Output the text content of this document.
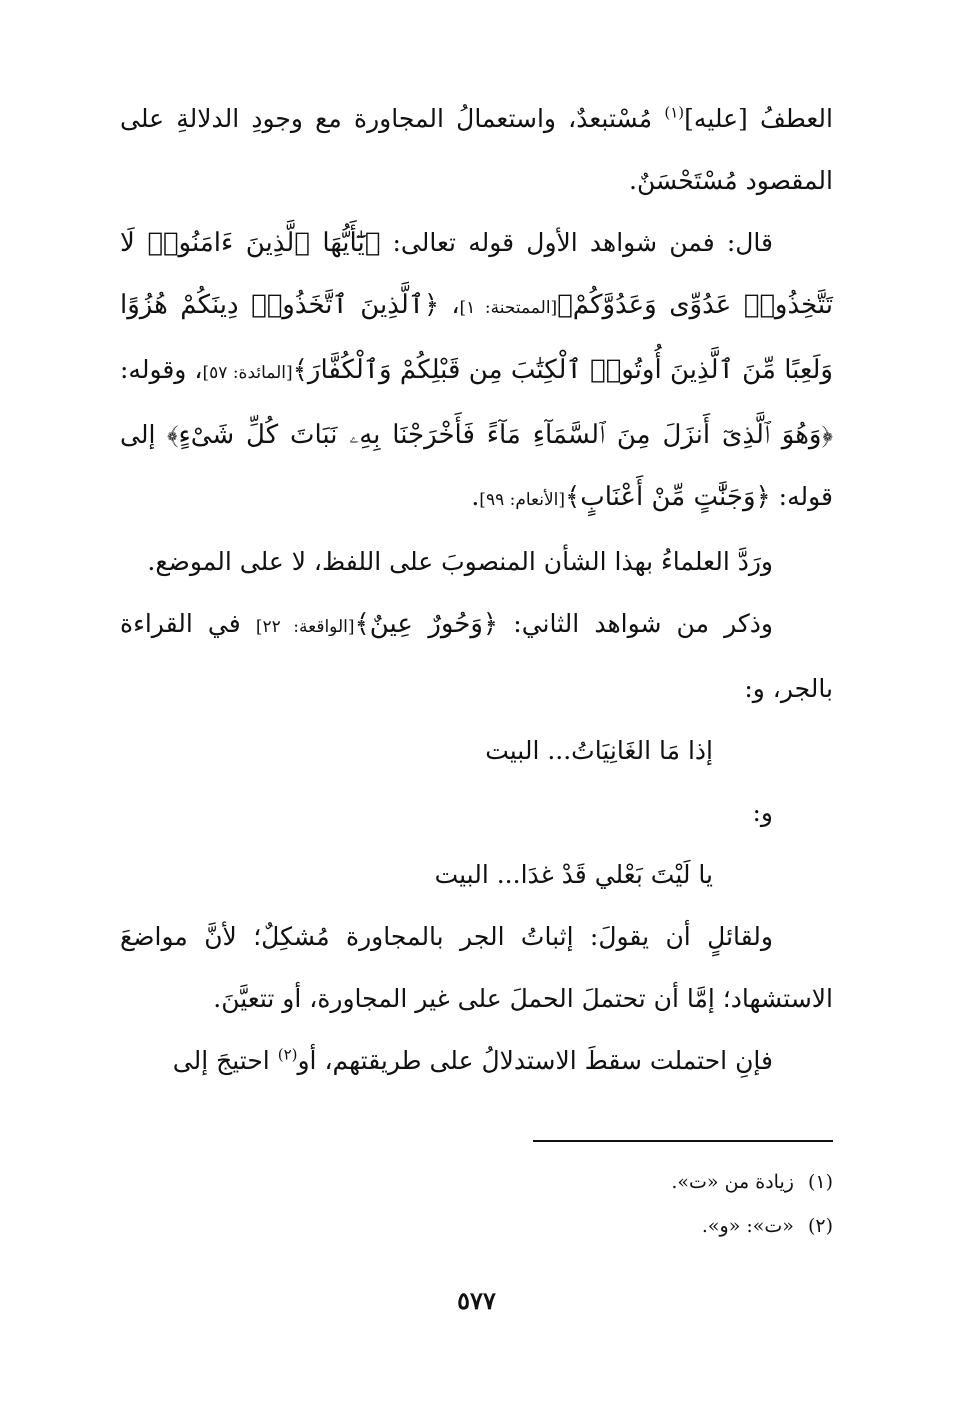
العطفُ [عليه]$^{(١)}$ مُسْتبعدٌ، واستعمالُ المجاورة مع وجودِ الدلالةِ على المقصود مُسْتَحْسَنٌ.

قال: فمن شواهد الأول قوله تعالى: ﴿يَٰٓأَيُّهَا ٱلَّذِينَ ءَامَنُوا۟ لَا تَتَّخِذُوا۟ عَدُوِّى وَعَدُوَّكُمْ﴾[الممتحنة: ١]، ﴿ٱلَّذِينَ ٱتَّخَذُوا۟ دِينَكُمْ هُزُوًا وَلَعِبًا مِّنَ ٱلَّذِينَ أُوتُوا۟ ٱلْكِتَٰبَ مِن قَبْلِكُمْ وَٱلْكُفَّارَ﴾[المائدة: ٥٧]، وقوله: ﴿وَهُوَ ٱلَّذِىٓ أَنزَلَ مِنَ ٱلسَّمَآءِ مَآءً فَأَخْرَجْنَا بِهِۦ نَبَاتَ كُلِّ شَىْءٍ﴾ إلى قوله: ﴿وَجَنَّٰتٍ مِّنْ أَعْنَابٍ﴾[الأنعام: ٩٩].

ورَدَّ العلماءُ بهذا الشأن المنصوبَ على اللفظ، لا على الموضع.

وذكر من شواهد الثاني: ﴿وَحُورٌ عِينٌ﴾[الواقعة: ٢٢] في القراءة بالجر، و:

إذا مَا الغَانِيَاتُ... البيت

و:

يا لَيْتَ بَعْلي قَدْ غدَا... البيت

ولقائلٍ أن يقولَ: إثباتُ الجر بالمجاورة مُشكِلٌ؛ لأنَّ مواضعَ الاستشهاد؛ إمَّا أن تحتملَ الحملَ على غير المجاورة، أو تتعيَّنَ.

فإنِ احتملت سقطَ الاستدلالُ على طريقتهم، أو$^{(٢)}$ احتيجَ إلى

(١)زيادة من «ت».

(٢)«ت»: «و».

٥٧٧
